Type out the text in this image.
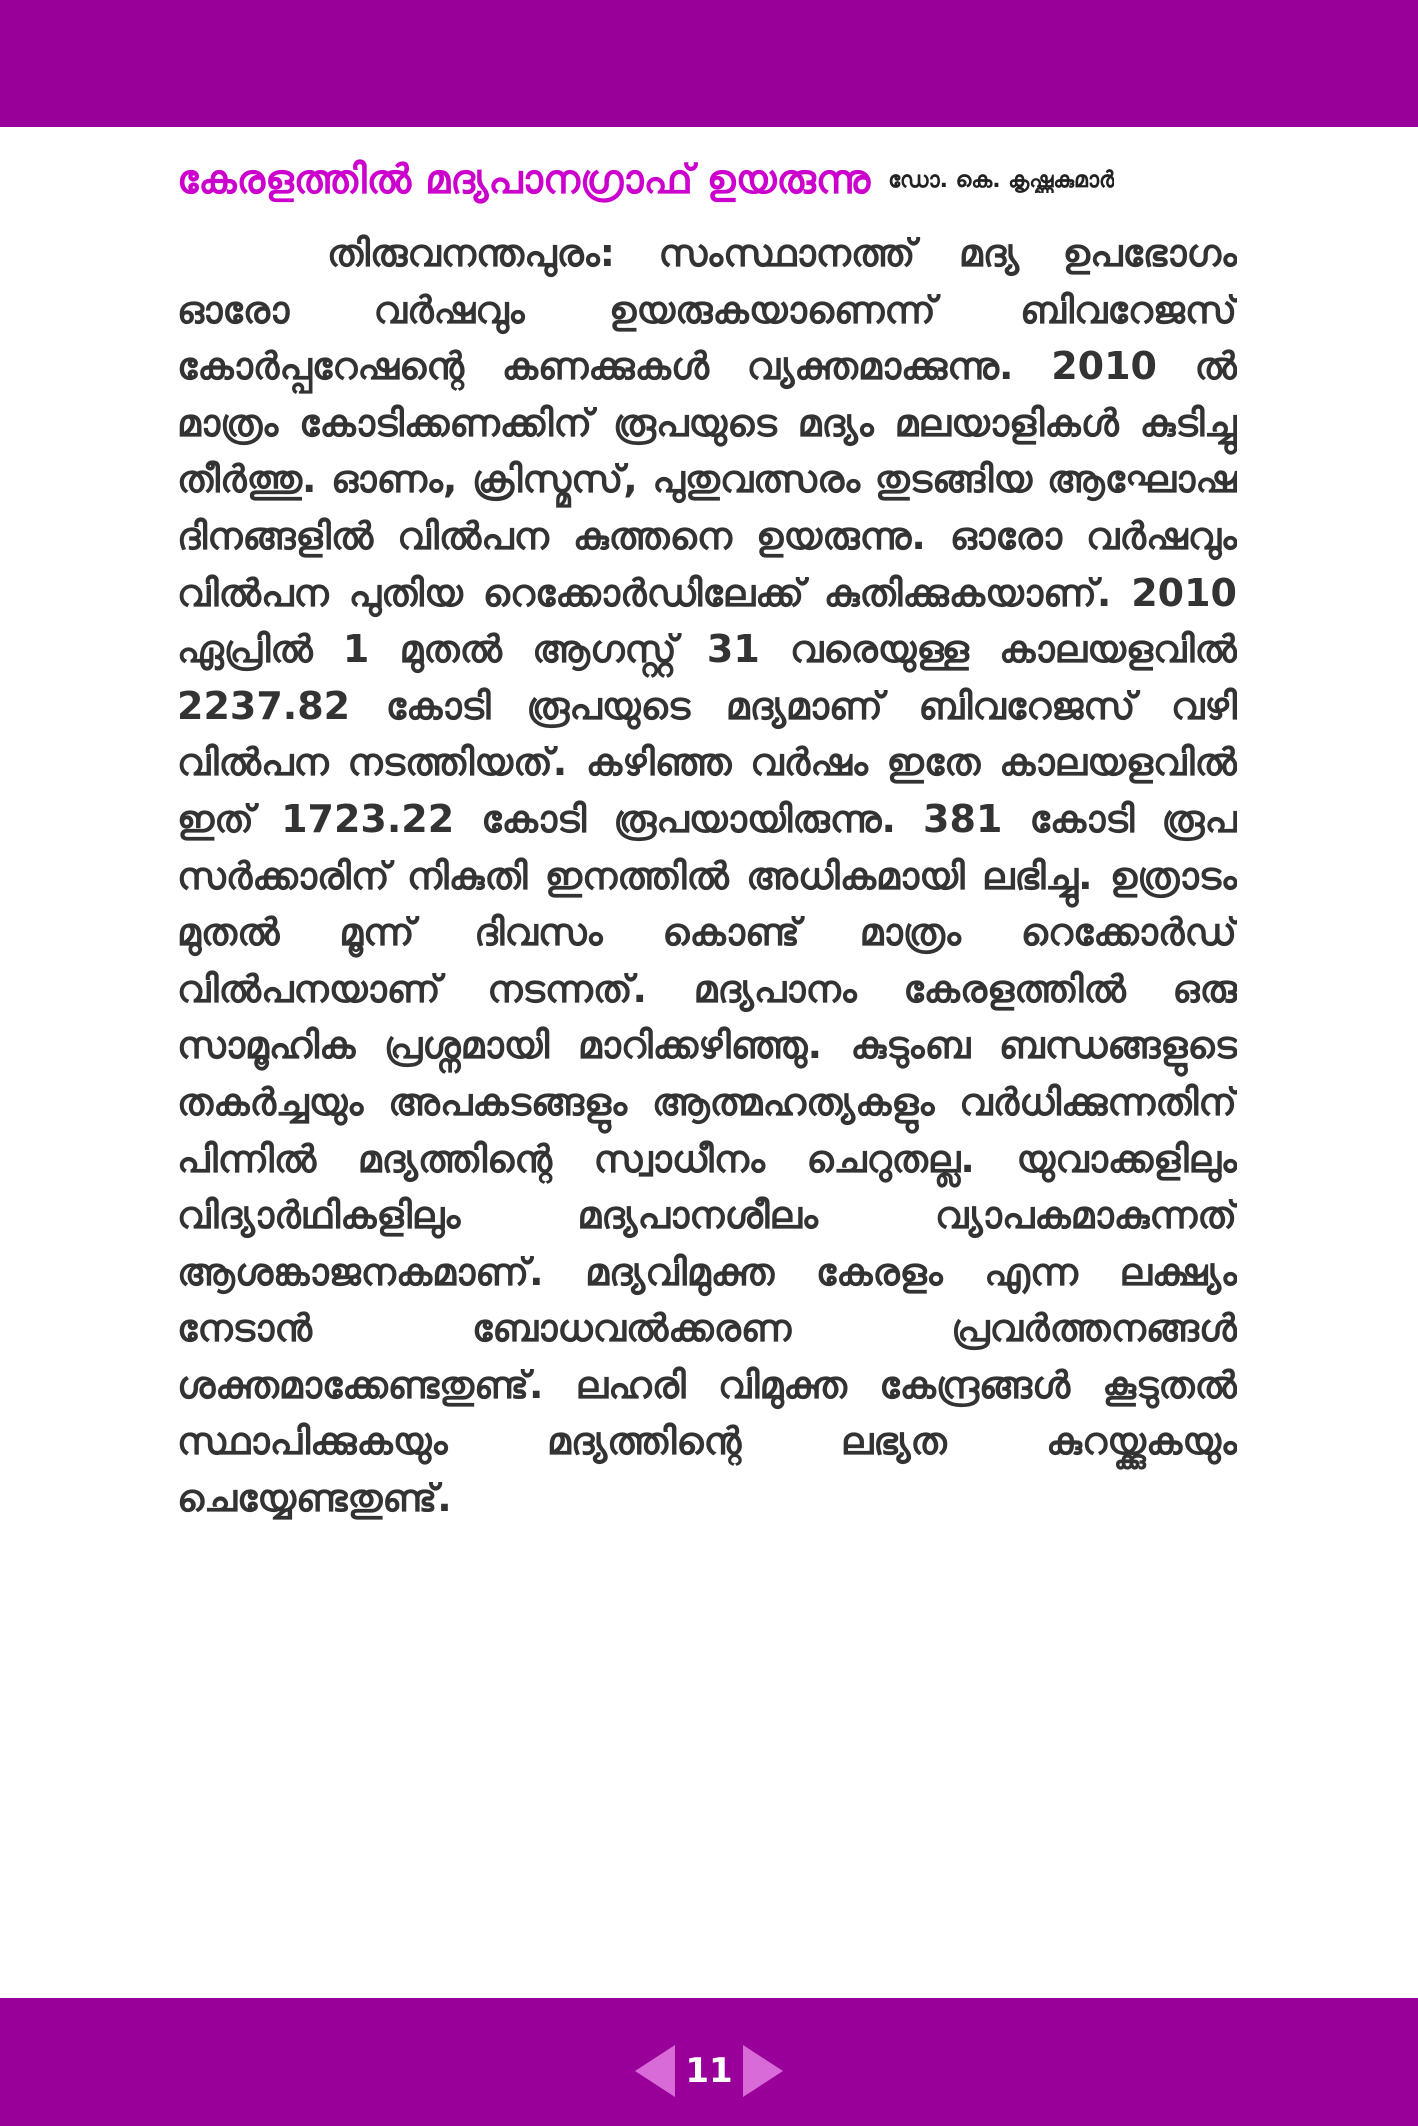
കേരളത്തിൽ മദ്യപാനഗ്രാഫ് ഉയരുന്നു ഡോ. കെ. കൃഷ്ണകുമാർ

തിരുവനന്തപുരം: സംസ്ഥാനത്ത് മദ്യ ഉപഭോഗം ഓരോ വർഷവും ഉയരുകയാണെന്ന് ബിവറേജസ് കോർപ്പറേഷന്റെ കണക്കുകൾ വ്യക്തമാക്കുന്നു. 2010 ൽ മാത്രം കോടിക്കണക്കിന് രൂപയുടെ മദ്യം മലയാളികൾ കുടിച്ചു തീർത്തു. ഓണം, ക്രിസ്മസ്, പുതുവത്സരം തുടങ്ങിയ ആഘോഷ ദിനങ്ങളിൽ വിൽപന കുത്തനെ ഉയരുന്നു. ഓരോ വർഷവും വിൽപന പുതിയ റെക്കോർഡിലേക്ക് കുതിക്കുകയാണ്. 2010 ഏപ്രിൽ 1 മുതൽ ആഗസ്റ്റ് 31 വരെയുള്ള കാലയളവിൽ 2237.82 കോടി രൂപയുടെ മദ്യമാണ് ബിവറേജസ് വഴി വിൽപന നടത്തിയത്. കഴിഞ്ഞ വർഷം ഇതേ കാലയളവിൽ ഇത് 1723.22 കോടി രൂപയായിരുന്നു. 381 കോടി രൂപ സർക്കാരിന് നികുതി ഇനത്തിൽ അധികമായി ലഭിച്ചു. ഉത്രാടം മുതൽ മൂന്ന് ദിവസം കൊണ്ട് മാത്രം റെക്കോർഡ് വിൽപനയാണ് നടന്നത്. മദ്യപാനം കേരളത്തിൽ ഒരു സാമൂഹിക പ്രശ്നമായി മാറിക്കഴിഞ്ഞു. കുടുംബ ബന്ധങ്ങളുടെ തകർച്ചയും അപകടങ്ങളും ആത്മഹത്യകളും വർധിക്കുന്നതിന് പിന്നിൽ മദ്യത്തിന്റെ സ്വാധീനം ചെറുതല്ല. യുവാക്കളിലും വിദ്യാർഥികളിലും മദ്യപാനശീലം വ്യാപകമാകുന്നത് ആശങ്കാജനകമാണ്. മദ്യവിമുക്ത കേരളം എന്ന ലക്ഷ്യം നേടാൻ ബോധവൽക്കരണ പ്രവർത്തനങ്ങൾ ശക്തമാക്കേണ്ടതുണ്ട്. ലഹരി വിമുക്ത കേന്ദ്രങ്ങൾ കൂടുതൽ സ്ഥാപിക്കുകയും മദ്യത്തിന്റെ ലഭ്യത കുറയ്ക്കുകയും ചെയ്യേണ്ടതുണ്ട്.

11
